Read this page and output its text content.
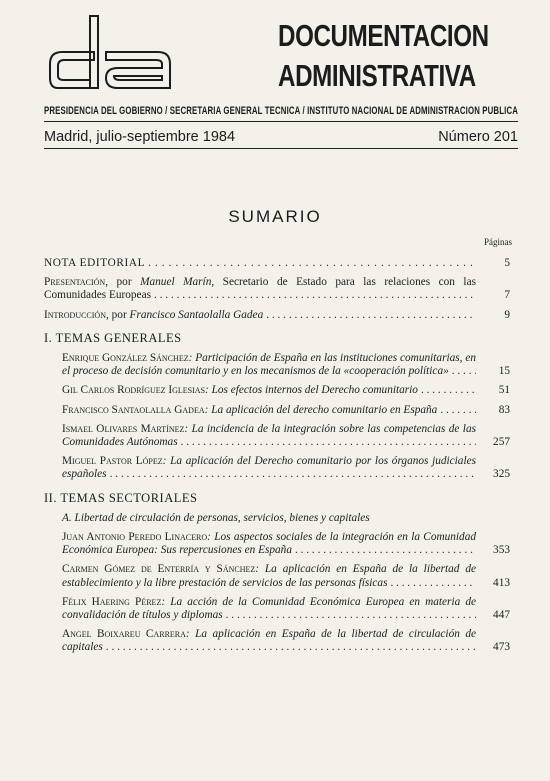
DOCUMENTACION
ADMINISTRATIVA
PRESIDENCIA DEL GOBIERNO / SECRETARIA GENERAL TECNICA / INSTITUTO NACIONAL DE ADMINISTRACION PUBLICA
Madrid, julio-septiembre 1984	Número 201
SUMARIO
Páginas
NOTA EDITORIAL . . .	5
Presentación, por Manuel Marín, Secretario de Estado para las relaciones con las Comunidades Europeas . . .	7
Introducción, por Francisco Santaolalla Gadea . . .	9
I. TEMAS GENERALES
Enrique González Sánchez: Participación de España en las instituciones comunitarias, en el proceso de decisión comunitario y en los mecanismos de la «cooperación política» . . .	15
Gil Carlos Rodríguez Iglesias: Los efectos internos del Derecho comunitario . . .	51
Francisco Santaolalla Gadea: La aplicación del derecho comunitario en España . . .	83
Ismael Olivares Martínez: La incidencia de la integración sobre las competencias de las Comunidades Autónomas . . .	257
Miguel Pastor López: La aplicación del Derecho comunitario por los órganos judiciales españoles . . .	325
II. TEMAS SECTORIALES
A. Libertad de circulación de personas, servicios, bienes y capitales
Juan Antonio Peredo Linacero: Los aspectos sociales de la integración en la Comunidad Económica Europea: Sus repercusiones en España . . .	353
Carmen Gómez de Enterría y Sánchez: La aplicación en España de la libertad de establecimiento y la libre prestación de servicios de las personas físicas . . .	413
Félix Haering Pérez: La acción de la Comunidad Económica Europea en materia de convalidación de títulos y diplomas . . .	447
Angel Boixareu Carrera: La aplicación en España de la libertad de circulación de capitales . . .	473
